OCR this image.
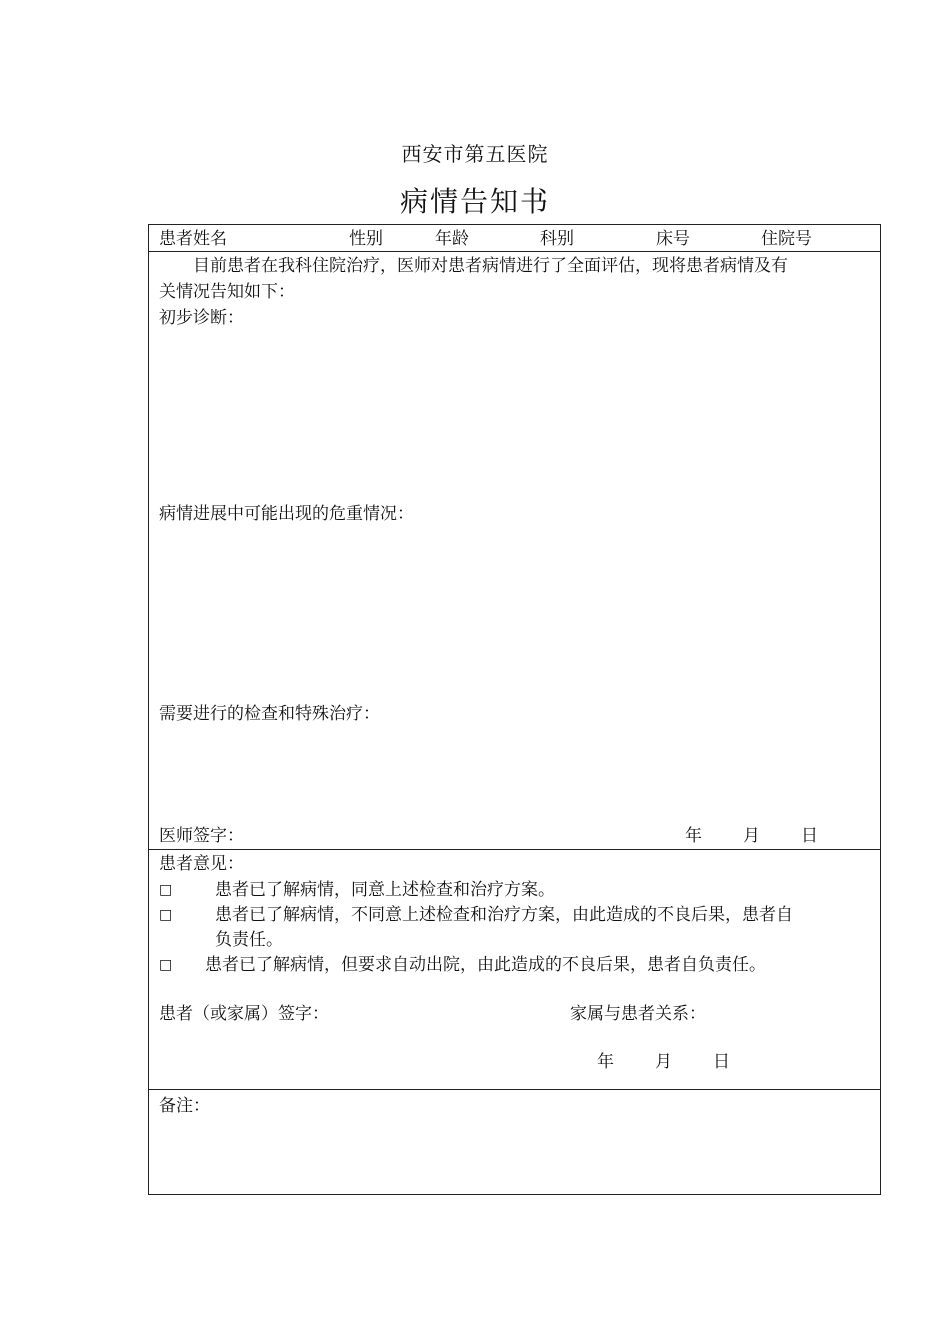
西安市第五医院
病情告知书
患者姓名	性别	年龄	科别	床号	住院号
目前患者在我科住院治疗，医师对患者病情进行了全面评估，现将患者病情及有
关情况告知如下：
初步诊断：
病情进展中可能出现的危重情况：
需要进行的检查和特殊治疗：
医师签字：	年 月 日
患者意见：
□	患者已了解病情，同意上述检查和治疗方案。
□	患者已了解病情，不同意上述检查和治疗方案，由此造成的不良后果，患者自
负责任。
□ 患者已了解病情，但要求自动出院，由此造成的不良后果，患者自负责任。
患者（或家属）签字：	家属与患者关系：
年 月 日
备注：
